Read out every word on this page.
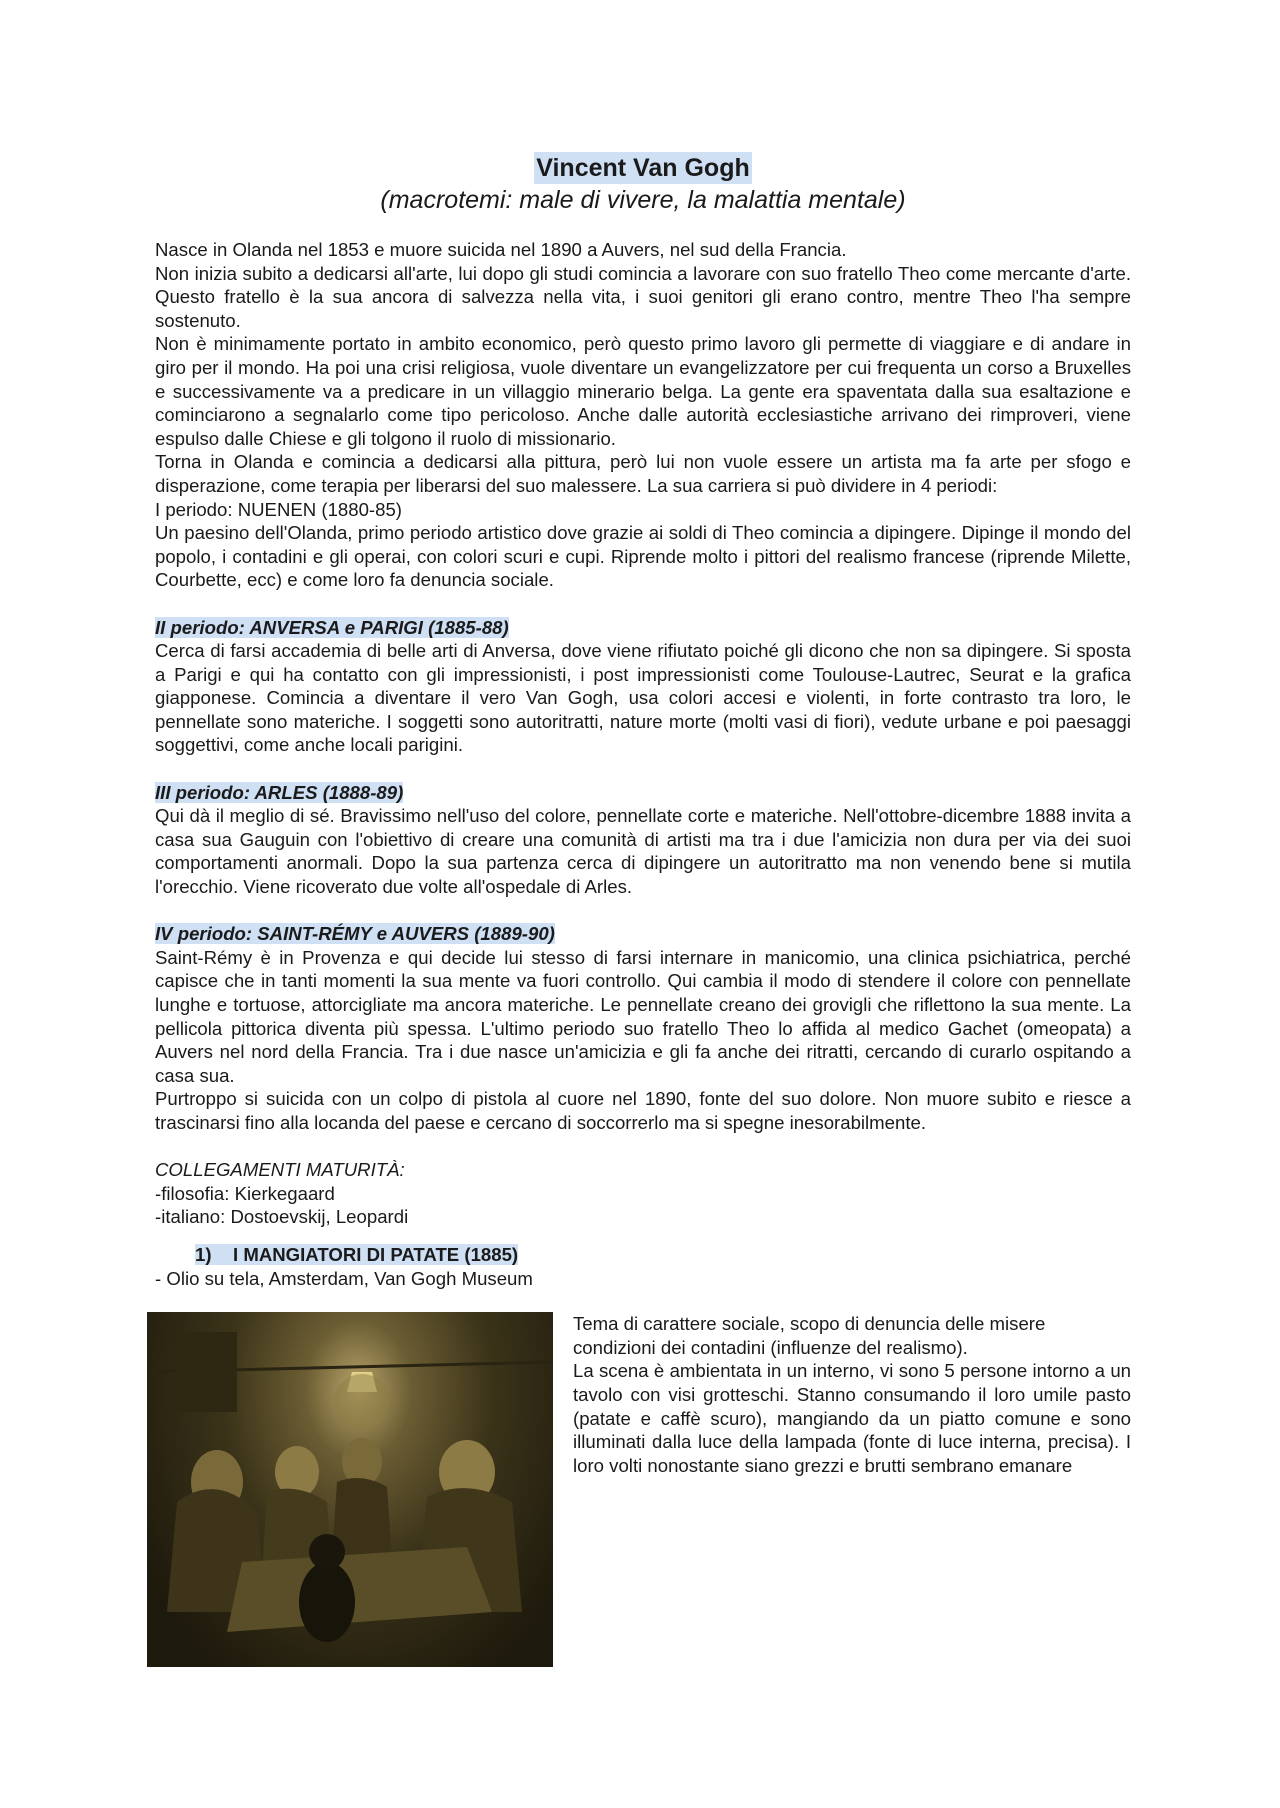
Vincent Van Gogh
(macrotemi: male di vivere, la malattia mentale)

Nasce in Olanda nel 1853 e muore suicida nel 1890 a Auvers, nel sud della Francia.

Non inizia subito a dedicarsi all'arte, lui dopo gli studi comincia a lavorare con suo fratello Theo come mercante d'arte. Questo fratello è la sua ancora di salvezza nella vita, i suoi genitori gli erano contro, mentre Theo l'ha sempre sostenuto.

Non è minimamente portato in ambito economico, però questo primo lavoro gli permette di viaggiare e di andare in giro per il mondo. Ha poi una crisi religiosa, vuole diventare un evangelizzatore per cui frequenta un corso a Bruxelles e successivamente va a predicare in un villaggio minerario belga. La gente era spaventata dalla sua esaltazione e cominciarono a segnalarlo come tipo pericoloso. Anche dalle autorità ecclesiastiche arrivano dei rimproveri, viene espulso dalle Chiese e gli tolgono il ruolo di missionario.

Torna in Olanda e comincia a dedicarsi alla pittura, però lui non vuole essere un artista ma fa arte per sfogo e disperazione, come terapia per liberarsi del suo malessere. La sua carriera si può dividere in 4 periodi:

I periodo: NUENEN (1880-85)

Un paesino dell'Olanda, primo periodo artistico dove grazie ai soldi di Theo comincia a dipingere. Dipinge il mondo del popolo, i contadini e gli operai, con colori scuri e cupi. Riprende molto i pittori del realismo francese (riprende Milette, Courbette, ecc) e come loro fa denuncia sociale.

II periodo: ANVERSA e PARIGI (1885-88)

Cerca di farsi accademia di belle arti di Anversa, dove viene rifiutato poiché gli dicono che non sa dipingere. Si sposta a Parigi e qui ha contatto con gli impressionisti, i post impressionisti come Toulouse-Lautrec, Seurat e la grafica giapponese. Comincia a diventare il vero Van Gogh, usa colori accesi e violenti, in forte contrasto tra loro, le pennellate sono materiche. I soggetti sono autoritratti, nature morte (molti vasi di fiori), vedute urbane e poi paesaggi soggettivi, come anche locali parigini.

III periodo: ARLES (1888-89)

Qui dà il meglio di sé. Bravissimo nell'uso del colore, pennellate corte e materiche. Nell'ottobre-dicembre 1888 invita a casa sua Gauguin con l'obiettivo di creare una comunità di artisti ma tra i due l'amicizia non dura per via dei suoi comportamenti anormali. Dopo la sua partenza cerca di dipingere un autoritratto ma non venendo bene si mutila l'orecchio. Viene ricoverato due volte all'ospedale di Arles.

IV periodo: SAINT-RÉMY e AUVERS (1889-90)

Saint-Rémy è in Provenza e qui decide lui stesso di farsi internare in manicomio, una clinica psichiatrica, perché capisce che in tanti momenti la sua mente va fuori controllo. Qui cambia il modo di stendere il colore con pennellate lunghe e tortuose, attorcigliate ma ancora materiche. Le pennellate creano dei grovigli che riflettono la sua mente. La pellicola pittorica diventa più spessa. L'ultimo periodo suo fratello Theo lo affida al medico Gachet (omeopata) a Auvers nel nord della Francia. Tra i due nasce un'amicizia e gli fa anche dei ritratti, cercando di curarlo ospitando a casa sua.

Purtroppo si suicida con un colpo di pistola al cuore nel 1890, fonte del suo dolore. Non muore subito e riesce a trascinarsi fino alla locanda del paese e cercano di soccorrerlo ma si spegne inesorabilmente.

COLLEGAMENTI MATURITÀ:

-filosofia: Kierkegaard

-italiano: Dostoevskij, Leopardi

1) I MANGIATORI DI PATATE (1885)

- Olio su tela, Amsterdam, Van Gogh Museum

Tema di carattere sociale, scopo di denuncia delle misere condizioni dei contadini (influenze del realismo).

La scena è ambientata in un interno, vi sono 5 persone intorno a un tavolo con visi grotteschi. Stanno consumando il loro umile pasto (patate e caffè scuro), mangiando da un piatto comune e sono illuminati dalla luce della lampada (fonte di luce interna, precisa). I loro volti nonostante siano grezzi e brutti sembrano emanare
